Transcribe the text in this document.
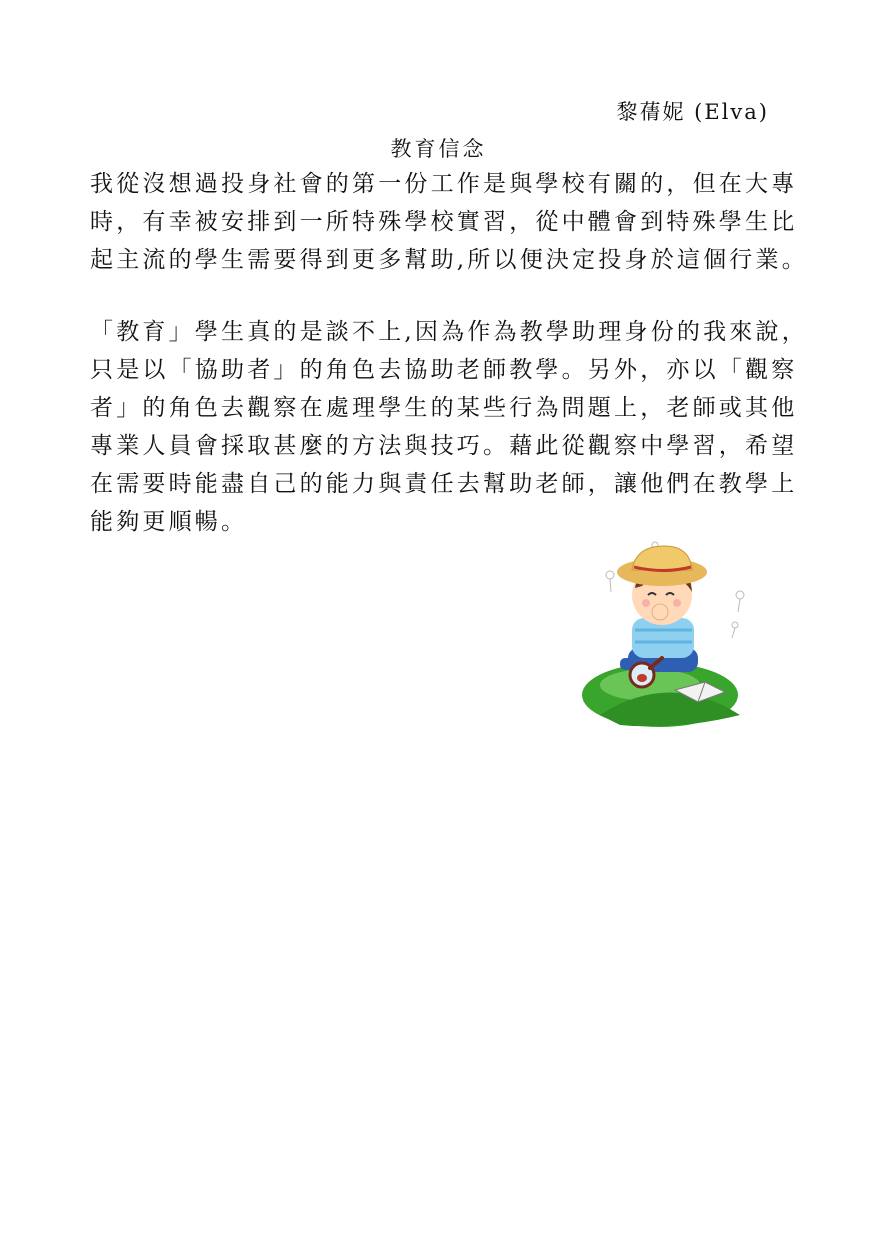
黎蒨妮 (Elva)
教育信念
我從沒想過投身社會的第一份工作是與學校有關的，但在大專
時，有幸被安排到一所特殊學校實習，從中體會到特殊學生比
起主流的學生需要得到更多幫助,所以便決定投身於這個行業。
「教育」學生真的是談不上,因為作為教學助理身份的我來說，
只是以「協助者」的角色去協助老師教學。另外，亦以「觀察
者」的角色去觀察在處理學生的某些行為問題上，老師或其他
專業人員會採取甚麼的方法與技巧。藉此從觀察中學習，希望
在需要時能盡自己的能力與責任去幫助老師，讓他們在教學上
能夠更順暢。
